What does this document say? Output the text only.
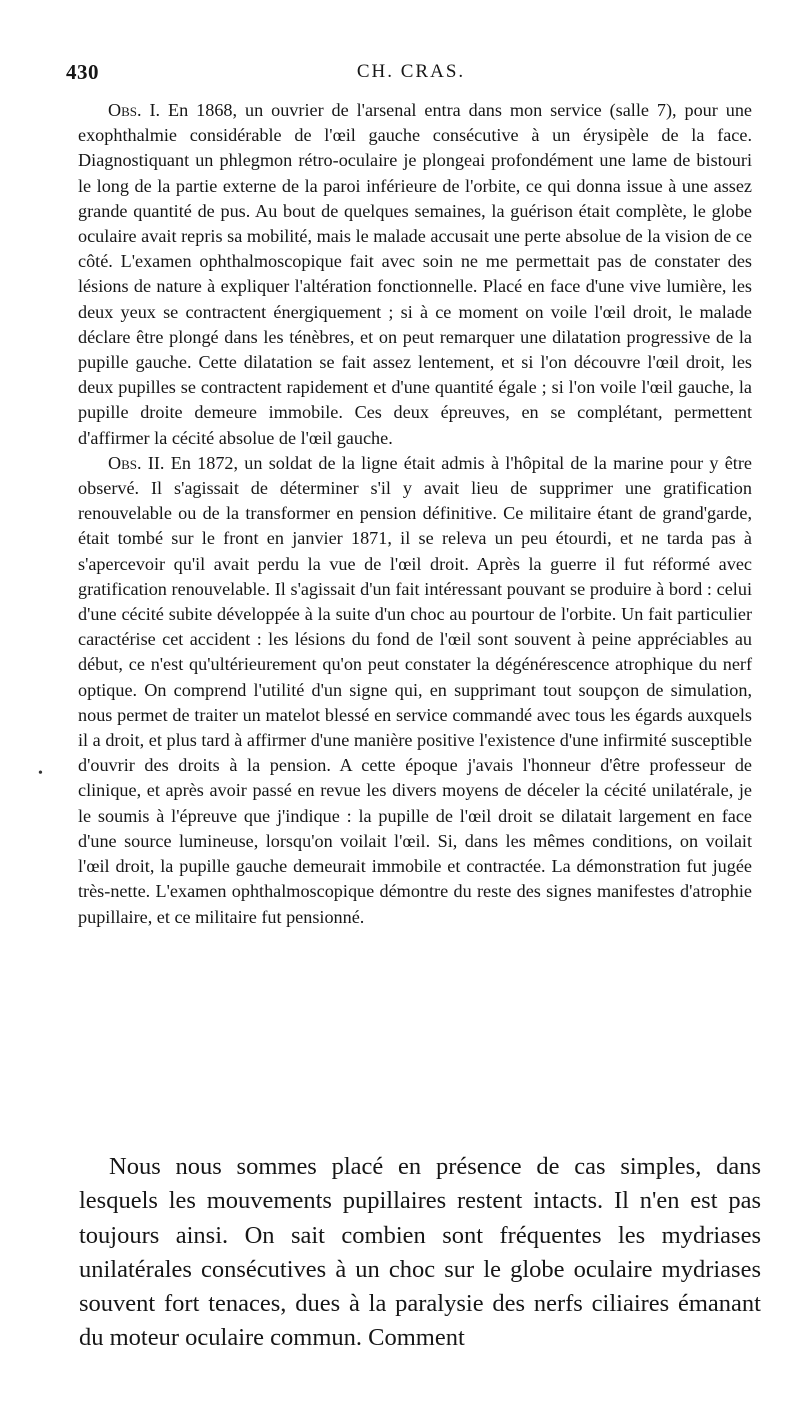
430	CH. CRAS.

Obs. I. En 1868, un ouvrier de l'arsenal entra dans mon service (salle 7), pour une exophthalmie considérable de l'œil gauche consécutive à un érysipèle de la face. Diagnostiquant un phlegmon rétro-oculaire je plongeai profondément une lame de bistouri le long de la partie externe de la paroi inférieure de l'orbite, ce qui donna issue à une assez grande quantité de pus. Au bout de quelques semaines, la guérison était complète, le globe oculaire avait repris sa mobilité, mais le malade accusait une perte absolue de la vision de ce côté. L'examen ophthalmoscopique fait avec soin ne me permettait pas de constater des lésions de nature à expliquer l'altération fonctionnelle. Placé en face d'une vive lumière, les deux yeux se contractent énergiquement ; si à ce moment on voile l'œil droit, le malade déclare être plongé dans les ténèbres, et on peut remarquer une dilatation progressive de la pupille gauche. Cette dilatation se fait assez lentement, et si l'on découvre l'œil droit, les deux pupilles se contractent rapidement et d'une quantité égale ; si l'on voile l'œil gauche, la pupille droite demeure immobile. Ces deux épreuves, en se complétant, permettent d'affirmer la cécité absolue de l'œil gauche.

Obs. II. En 1872, un soldat de la ligne était admis à l'hôpital de la marine pour y être observé. Il s'agissait de déterminer s'il y avait lieu de supprimer une gratification renouvelable ou de la transformer en pension définitive. Ce militaire étant de grand'garde, était tombé sur le front en janvier 1871, il se releva un peu étourdi, et ne tarda pas à s'apercevoir qu'il avait perdu la vue de l'œil droit. Après la guerre il fut réformé avec gratification renouvelable. Il s'agissait d'un fait intéressant pouvant se produire à bord : celui d'une cécité subite développée à la suite d'un choc au pourtour de l'orbite. Un fait particulier caractérise cet accident : les lésions du fond de l'œil sont souvent à peine appréciables au début, ce n'est qu'ultérieurement qu'on peut constater la dégénérescence atrophique du nerf optique. On comprend l'utilité d'un signe qui, en supprimant tout soupçon de simulation, nous permet de traiter un matelot blessé en service commandé avec tous les égards auxquels il a droit, et plus tard à affirmer d'une manière positive l'existence d'une infirmité susceptible d'ouvrir des droits à la pension. A cette époque j'avais l'honneur d'être professeur de clinique, et après avoir passé en revue les divers moyens de déceler la cécité unilatérale, je le soumis à l'épreuve que j'indique : la pupille de l'œil droit se dilatait largement en face d'une source lumineuse, lorsqu'on voilait l'œil. Si, dans les mêmes conditions, on voilait l'œil droit, la pupille gauche demeurait immobile et contractée. La démonstration fut jugée très-nette. L'examen ophthalmoscopique démontre du reste des signes manifestes d'atrophie pupillaire, et ce militaire fut pensionné.

•

Nous nous sommes placé en présence de cas simples, dans lesquels les mouvements pupillaires restent intacts. Il n'en est pas toujours ainsi. On sait combien sont fréquentes les mydriases unilatérales consécutives à un choc sur le globe oculaire mydriases souvent fort tenaces, dues à la paralysie des nerfs ciliaires émanant du moteur oculaire commun. Comment
